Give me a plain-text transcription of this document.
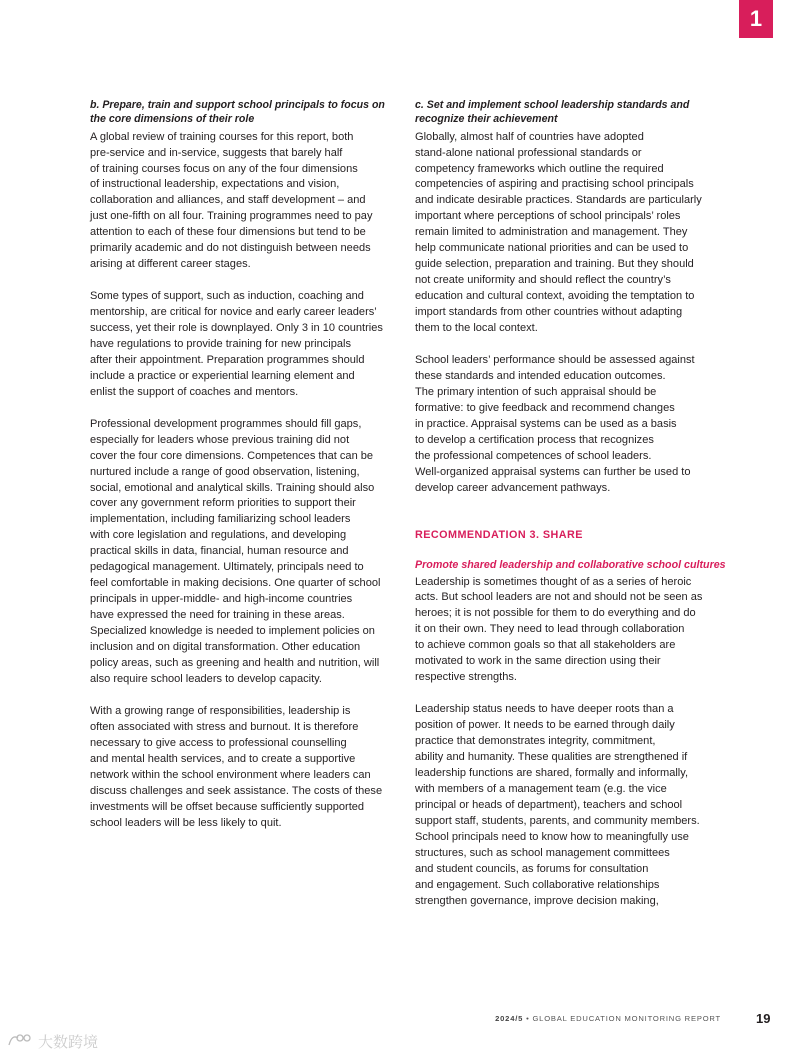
1

b. Prepare, train and support school principals to focus on the core dimensions of their role

A global review of training courses for this report, both
pre-service and in-service, suggests that barely half
of training courses focus on any of the four dimensions
of instructional leadership, expectations and vision,
collaboration and alliances, and staff development – and
just one-fifth on all four. Training programmes need to pay
attention to each of these four dimensions but tend to be
primarily academic and do not distinguish between needs
arising at different career stages.

Some types of support, such as induction, coaching and
mentorship, are critical for novice and early career leaders’
success, yet their role is downplayed. Only 3 in 10 countries
have regulations to provide training for new principals
after their appointment. Preparation programmes should
include a practice or experiential learning element and
enlist the support of coaches and mentors.

Professional development programmes should fill gaps,
especially for leaders whose previous training did not
cover the four core dimensions. Competences that can be
nurtured include a range of good observation, listening,
social, emotional and analytical skills. Training should also
cover any government reform priorities to support their
implementation, including familiarizing school leaders
with core legislation and regulations, and developing
practical skills in data, financial, human resource and
pedagogical management. Ultimately, principals need to
feel comfortable in making decisions. One quarter of school
principals in upper-middle- and high-income countries
have expressed the need for training in these areas.
Specialized knowledge is needed to implement policies on
inclusion and on digital transformation. Other education
policy areas, such as greening and health and nutrition, will
also require school leaders to develop capacity.

With a growing range of responsibilities, leadership is
often associated with stress and burnout. It is therefore
necessary to give access to professional counselling
and mental health services, and to create a supportive
network within the school environment where leaders can
discuss challenges and seek assistance. The costs of these
investments will be offset because sufficiently supported
school leaders will be less likely to quit.

c. Set and implement school leadership standards and recognize their achievement

Globally, almost half of countries have adopted
stand-alone national professional standards or
competency frameworks which outline the required
competencies of aspiring and practising school principals
and indicate desirable practices. Standards are particularly
important where perceptions of school principals’ roles
remain limited to administration and management. They
help communicate national priorities and can be used to
guide selection, preparation and training. But they should
not create uniformity and should reflect the country’s
education and cultural context, avoiding the temptation to
import standards from other countries without adapting
them to the local context.

School leaders’ performance should be assessed against
these standards and intended education outcomes.
The primary intention of such appraisal should be
formative: to give feedback and recommend changes
in practice. Appraisal systems can be used as a basis
to develop a certification process that recognizes
the professional competences of school leaders.
Well-organized appraisal systems can further be used to
develop career advancement pathways.

RECOMMENDATION 3. SHARE
Promote shared leadership and collaborative school cultures

Leadership is sometimes thought of as a series of heroic
acts. But school leaders are not and should not be seen as
heroes; it is not possible for them to do everything and do
it on their own. They need to lead through collaboration
to achieve common goals so that all stakeholders are
motivated to work in the same direction using their
respective strengths.

Leadership status needs to have deeper roots than a
position of power. It needs to be earned through daily
practice that demonstrates integrity, commitment,
ability and humanity. These qualities are strengthened if
leadership functions are shared, formally and informally,
with members of a management team (e.g. the vice
principal or heads of department), teachers and school
support staff, students, parents, and community members.
School principals need to know how to meaningfully use
structures, such as school management committees
and student councils, as forums for consultation
and engagement. Such collaborative relationships
strengthen governance, improve decision making,

2024/5 • GLOBAL EDUCATION MONITORING REPORT	19
大数跨境
